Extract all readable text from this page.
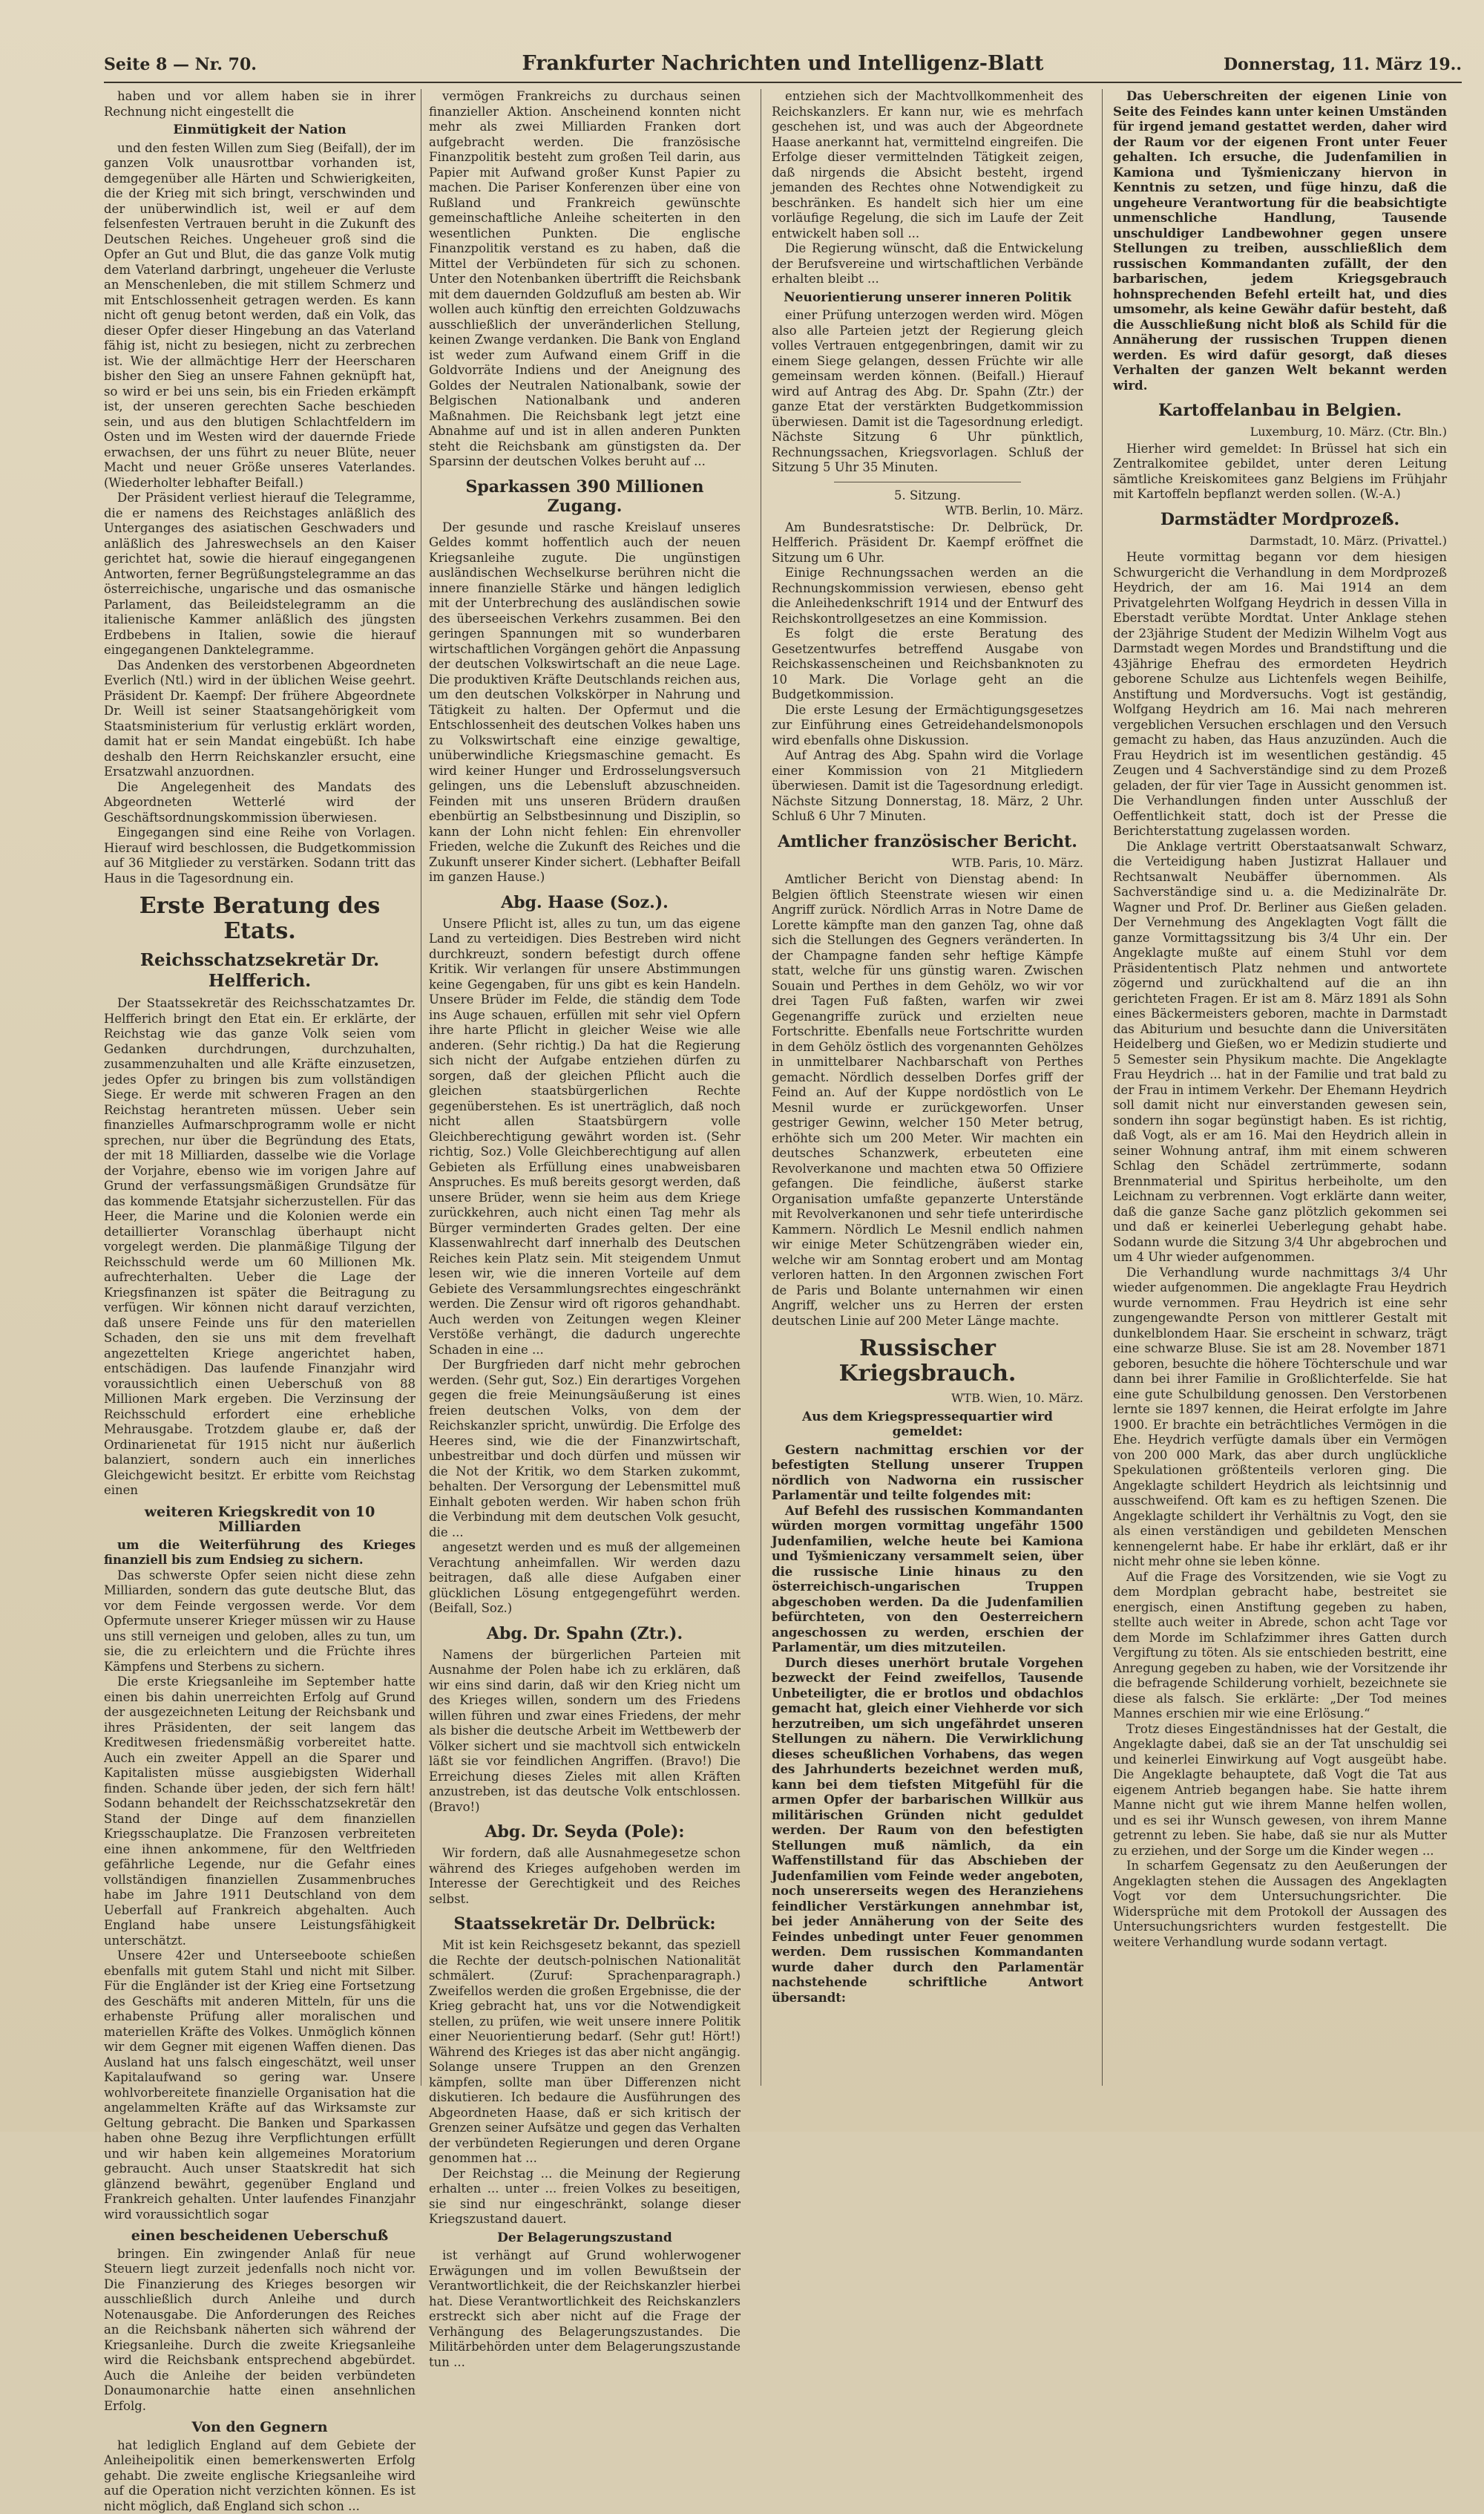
Seite 8 — Nr. 70.	Frankfurter Nachrichten und Intelligenz-Blatt	Donnerstag, 11. März 19..

haben und vor allem haben sie in ihrer Rechnung nicht eingestellt die

Einmütigkeit der Nation

und den festen Willen zum Sieg (Beifall), der im ganzen Volk unausrottbar vorhanden ist, demgegenüber alle Härten und Schwierigkeiten, die der Krieg mit sich bringt, verschwinden und der unüberwindlich ist, weil er auf dem felsenfesten Vertrauen beruht in die Zukunft des Deutschen Reiches. Ungeheuer groß sind die Opfer an Gut und Blut, die das ganze Volk mutig dem Vaterland darbringt, ungeheuer die Verluste an Menschenleben, die mit stillem Schmerz und mit Entschlossenheit getragen werden. Es kann nicht oft genug betont werden, daß ein Volk, das dieser Opfer dieser Hingebung an das Vaterland fähig ist, nicht zu besiegen, nicht zu zerbrechen ist. Wie der allmächtige Herr der Heerscharen bisher den Sieg an unsere Fahnen geknüpft hat, so wird er bei uns sein, bis ein Frieden erkämpft ist, der unseren gerechten Sache beschieden sein, und aus den blutigen Schlachtfeldern im Osten und im Westen wird der dauernde Friede erwachsen, der uns führt zu neuer Blüte, neuer Macht und neuer Größe unseres Vaterlandes. (Wiederholter lebhafter Beifall.)

Der Präsident verliest hierauf die Telegramme, die er namens des Reichstages anläßlich des Unterganges des asiatischen Geschwaders und anläßlich des Jahreswechsels an den Kaiser gerichtet hat, sowie die hierauf eingegangenen Antworten, ferner Begrüßungstelegramme an das österreichische, ungarische und das osmanische Parlament, das Beileidstelegramm an die italienische Kammer anläßlich des jüngsten Erdbebens in Italien, sowie die hierauf eingegangenen Danktelegramme.

Das Andenken des verstorbenen Abgeordneten Everlich (Ntl.) wird in der üblichen Weise geehrt. Präsident Dr. Kaempf: Der frühere Abgeordnete Dr. Weill ist seiner Staatsangehörigkeit vom Staatsministerium für verlustig erklärt worden, damit hat er sein Mandat eingebüßt. Ich habe deshalb den Herrn Reichskanzler ersucht, eine Ersatzwahl anzuordnen.

Die Angelegenheit des Mandats des Abgeordneten Wetterlé wird der Geschäftsordnungskommission überwiesen.

Eingegangen sind eine Reihe von Vorlagen. Hierauf wird beschlossen, die Budgetkommission auf 36 Mitglieder zu verstärken. Sodann tritt das Haus in die Tagesordnung ein.

Erste Beratung des Etats.

Reichsschatzsekretär Dr. Helfferich.

Der Staatssekretär des Reichsschatzamtes Dr. Helfferich bringt den Etat ein. Er erklärte, der Reichstag wie das ganze Volk seien vom Gedanken durchdrungen, durchzuhalten, zusammenzuhalten und alle Kräfte einzusetzen, jedes Opfer zu bringen bis zum vollständigen Siege. Er werde mit schweren Fragen an den Reichstag herantreten müssen. Ueber sein finanzielles Aufmarschprogramm wolle er nicht sprechen, nur über die Begründung des Etats, der mit 18 Milliarden, dasselbe wie die Vorlage der Vorjahre, ebenso wie im vorigen Jahre auf Grund der verfassungsmäßigen Grundsätze für das kommende Etatsjahr sicherzustellen. Für das Heer, die Marine und die Kolonien werde ein detaillierter Voranschlag überhaupt nicht vorgelegt werden. Die planmäßige Tilgung der Reichsschuld werde um 60 Millionen Mk. aufrechterhalten. Ueber die Lage der Kriegsfinanzen ist später die Beitragung zu verfügen. Wir können nicht darauf verzichten, daß unsere Feinde uns für den materiellen Schaden, den sie uns mit dem frevelhaft angezettelten Kriege angerichtet haben, entschädigen. Das laufende Finanzjahr wird voraussichtlich einen Ueberschuß von 88 Millionen Mark ergeben. Die Verzinsung der Reichsschuld erfordert eine erhebliche Mehrausgabe. Trotzdem glaube er, daß der Ordinarienetat für 1915 nicht nur äußerlich balanziert, sondern auch ein innerliches Gleichgewicht besitzt. Er erbitte vom Reichstag einen

weiteren Kriegskredit von 10 Milliarden

um die Weiterführung des Krieges finanziell bis zum Endsieg zu sichern.

Das schwerste Opfer seien nicht diese zehn Milliarden, sondern das gute deutsche Blut, das vor dem Feinde vergossen werde. Vor dem Opfermute unserer Krieger müssen wir zu Hause uns still verneigen und geloben, alles zu tun, um sie, die zu erleichtern und die Früchte ihres Kämpfens und Sterbens zu sichern.

Die erste Kriegsanleihe im September hatte einen bis dahin unerreichten Erfolg auf Grund der ausgezeichneten Leitung der Reichsbank und ihres Präsidenten, der seit langem das Kreditwesen friedensmäßig vorbereitet hatte. Auch ein zweiter Appell an die Sparer und Kapitalisten müsse ausgiebigsten Widerhall finden. Schande über jeden, der sich fern hält! Sodann behandelt der Reichsschatzsekretär den Stand der Dinge auf dem finanziellen Kriegsschauplatze. Die Franzosen verbreiteten eine ihnen ankommene, für den Weltfrieden gefährliche Legende, nur die Gefahr eines vollständigen finanziellen Zusammenbruches habe im Jahre 1911 Deutschland von dem Ueberfall auf Frankreich abgehalten. Auch England habe unsere Leistungsfähigkeit unterschätzt.

Unsere 42er und Unterseeboote schießen ebenfalls mit gutem Stahl und nicht mit Silber. Für die Engländer ist der Krieg eine Fortsetzung des Geschäfts mit anderen Mitteln, für uns die erhabenste Prüfung aller moralischen und materiellen Kräfte des Volkes. Unmöglich können wir dem Gegner mit eigenen Waffen dienen. Das Ausland hat uns falsch eingeschätzt, weil unser Kapitalaufwand so gering war. Unsere wohlvorbereitete finanzielle Organisation hat die angelammelten Kräfte auf das Wirksamste zur Geltung gebracht. Die Banken und Sparkassen haben ohne Bezug ihre Verpflichtungen erfüllt und wir haben kein allgemeines Moratorium gebraucht. Auch unser Staatskredit hat sich glänzend bewährt, gegenüber England und Frankreich gehalten. Unter laufendes Finanzjahr wird voraussichtlich sogar

einen bescheidenen Ueberschuß

bringen. Ein zwingender Anlaß für neue Steuern liegt zurzeit jedenfalls noch nicht vor. Die Finanzierung des Krieges besorgen wir ausschließlich durch Anleihe und durch Notenausgabe. Die Anforderungen des Reiches an die Reichsbank näherten sich während der Kriegsanleihe. Durch die zweite Kriegsanleihe wird die Reichsbank entsprechend abgebürdet. Auch die Anleihe der beiden verbündeten Donaumonarchie hatte einen ansehnlichen Erfolg.

Von den Gegnern

hat lediglich England auf dem Gebiete der Anleiheipolitik einen bemerkenswerten Erfolg gehabt. Die zweite englische Kriegsanleihe wird auf die Operation nicht verzichten können. Es ist nicht möglich, daß England sich schon ...

vermögen Frankreichs zu durchaus seinen finanzieller Aktion. Anscheinend konnten nicht mehr als zwei Milliarden Franken dort aufgebracht werden. Die französische Finanzpolitik besteht zum großen Teil darin, aus Papier mit Aufwand großer Kunst Papier zu machen. Die Pariser Konferenzen über eine von Rußland und Frankreich gewünschte gemeinschaftliche Anleihe scheiterten in den wesentlichen Punkten. Die englische Finanzpolitik verstand es zu haben, daß die Mittel der Verbündeten für sich zu schonen. Unter den Notenbanken übertrifft die Reichsbank mit dem dauernden Goldzufluß am besten ab. Wir wollen auch künftig den erreichten Goldzuwachs ausschließlich der unveränderlichen Stellung, keinen Zwange verdanken. Die Bank von England ist weder zum Aufwand einem Griff in die Goldvorräte Indiens und der Aneignung des Goldes der Neutralen Nationalbank, sowie der Belgischen Nationalbank und anderen Maßnahmen. Die Reichsbank legt jetzt eine Abnahme auf und ist in allen anderen Punkten steht die Reichsbank am günstigsten da. Der Sparsinn der deutschen Volkes beruht auf ...

Sparkassen 390 Millionen Zugang.

Der gesunde und rasche Kreislauf unseres Geldes kommt hoffentlich auch der neuen Kriegsanleihe zugute. Die ungünstigen ausländischen Wechselkurse berühren nicht die innere finanzielle Stärke und hängen lediglich mit der Unterbrechung des ausländischen sowie des überseeischen Verkehrs zusammen. Bei den geringen Spannungen mit so wunderbaren wirtschaftlichen Vorgängen gehört die Anpassung der deutschen Volkswirtschaft an die neue Lage. Die produktiven Kräfte Deutschlands reichen aus, um den deutschen Volkskörper in Nahrung und Tätigkeit zu halten. Der Opfermut und die Entschlossenheit des deutschen Volkes haben uns zu Volkswirtschaft eine einzige gewaltige, unüberwindliche Kriegsmaschine gemacht. Es wird keiner Hunger und Erdrosselungsversuch gelingen, uns die Lebensluft abzuschneiden. Feinden mit uns unseren Brüdern draußen ebenbürtig an Selbstbesinnung und Disziplin, so kann der Lohn nicht fehlen: Ein ehrenvoller Frieden, welche die Zukunft des Reiches und die Zukunft unserer Kinder sichert. (Lebhafter Beifall im ganzen Hause.)

Abg. Haase (Soz.).

Unsere Pflicht ist, alles zu tun, um das eigene Land zu verteidigen. Dies Bestreben wird nicht durchkreuzt, sondern befestigt durch offene Kritik. Wir verlangen für unsere Abstimmungen keine Gegengaben, für uns gibt es kein Handeln. Unsere Brüder im Felde, die ständig dem Tode ins Auge schauen, erfüllen mit sehr viel Opfern ihre harte Pflicht in gleicher Weise wie alle anderen. (Sehr richtig.) Da hat die Regierung sich nicht der Aufgabe entziehen dürfen zu sorgen, daß der gleichen Pflicht auch die gleichen staatsbürgerlichen Rechte gegenüberstehen. Es ist unerträglich, daß noch nicht allen Staatsbürgern volle Gleichberechtigung gewährt worden ist. (Sehr richtig, Soz.) Volle Gleichberechtigung auf allen Gebieten als Erfüllung eines unabweisbaren Anspruches. Es muß bereits gesorgt werden, daß unsere Brüder, wenn sie heim aus dem Kriege zurückkehren, auch nicht einen Tag mehr als Bürger verminderten Grades gelten. Der eine Klassenwahlrecht darf innerhalb des Deutschen Reiches kein Platz sein. Mit steigendem Unmut lesen wir, wie die inneren Vorteile auf dem Gebiete des Versammlungsrechtes eingeschränkt werden. Die Zensur wird oft rigoros gehandhabt. Auch werden von Zeitungen wegen Kleiner Verstöße verhängt, die dadurch ungerechte Schaden in eine ...

Der Burgfrieden darf nicht mehr gebrochen werden. (Sehr gut, Soz.) Ein derartiges Vorgehen gegen die freie Meinungsäußerung ist eines freien deutschen Volks, von dem der Reichskanzler spricht, unwürdig. Die Erfolge des Heeres sind, wie die der Finanzwirtschaft, unbestreitbar und doch dürfen und müssen wir die Not der Kritik, wo dem Starken zukommt, behalten. Der Versorgung der Lebensmittel muß Einhalt geboten werden. Wir haben schon früh die Verbindung mit dem deutschen Volk gesucht, die ...

angesetzt werden und es muß der allgemeinen Verachtung anheimfallen. Wir werden dazu beitragen, daß alle diese Aufgaben einer glücklichen Lösung entgegengeführt werden. (Beifall, Soz.)

Abg. Dr. Spahn (Ztr.).

Namens der bürgerlichen Parteien mit Ausnahme der Polen habe ich zu erklären, daß wir eins sind darin, daß wir den Krieg nicht um des Krieges willen, sondern um des Friedens willen führen und zwar eines Friedens, der mehr als bisher die deutsche Arbeit im Wettbewerb der Völker sichert und sie machtvoll sich entwickeln läßt sie vor feindlichen Angriffen. (Bravo!) Die Erreichung dieses Zieles mit allen Kräften anzustreben, ist das deutsche Volk entschlossen. (Bravo!)

Abg. Dr. Seyda (Pole):

Wir fordern, daß alle Ausnahmegesetze schon während des Krieges aufgehoben werden im Interesse der Gerechtigkeit und des Reiches selbst.

Staatssekretär Dr. Delbrück:

Mit ist kein Reichsgesetz bekannt, das speziell die Rechte der deutsch-polnischen Nationalität schmälert. (Zuruf: Sprachenparagraph.) Zweifellos werden die großen Ergebnisse, die der Krieg gebracht hat, uns vor die Notwendigkeit stellen, zu prüfen, wie weit unsere innere Politik einer Neuorientierung bedarf. (Sehr gut! Hört!) Während des Krieges ist das aber nicht angängig. Solange unsere Truppen an den Grenzen kämpfen, sollte man über Differenzen nicht diskutieren. Ich bedaure die Ausführungen des Abgeordneten Haase, daß er sich kritisch der Grenzen seiner Aufsätze und gegen das Verhalten der verbündeten Regierungen und deren Organe genommen hat ...

Der Reichstag ... die Meinung der Regierung erhalten ... unter ... freien Volkes zu beseitigen, sie sind nur eingeschränkt, solange dieser Kriegszustand dauert.

Der Belagerungszustand

ist verhängt auf Grund wohlerwogener Erwägungen und im vollen Bewußtsein der Verantwortlichkeit, die der Reichskanzler hierbei hat. Diese Verantwortlichkeit des Reichskanzlers erstreckt sich aber nicht auf die Frage der Verhängung des Belagerungszustandes. Die Militärbehörden unter dem Belagerungszustande tun ...

entziehen sich der Machtvollkommenheit des Reichskanzlers. Er kann nur, wie es mehrfach geschehen ist, und was auch der Abgeordnete Haase anerkannt hat, vermittelnd eingreifen. Die Erfolge dieser vermittelnden Tätigkeit zeigen, daß nirgends die Absicht besteht, irgend jemanden des Rechtes ohne Notwendigkeit zu beschränken. Es handelt sich hier um eine vorläufige Regelung, die sich im Laufe der Zeit entwickelt haben soll ...

Die Regierung wünscht, daß die Entwickelung der Berufsvereine und wirtschaftlichen Verbände erhalten bleibt ...

Neuorientierung unserer inneren Politik

einer Prüfung unterzogen werden wird. Mögen also alle Parteien jetzt der Regierung gleich volles Vertrauen entgegenbringen, damit wir zu einem Siege gelangen, dessen Früchte wir alle gemeinsam werden können. (Beifall.) Hierauf wird auf Antrag des Abg. Dr. Spahn (Ztr.) der ganze Etat der verstärkten Budgetkommission überwiesen. Damit ist die Tagesordnung erledigt. Nächste Sitzung 6 Uhr pünktlich, Rechnungssachen, Kriegsvorlagen. Schluß der Sitzung 5 Uhr 35 Minuten.

5. Sitzung.

WTB. Berlin, 10. März.

Am Bundesratstische: Dr. Delbrück, Dr. Helfferich. Präsident Dr. Kaempf eröffnet die Sitzung um 6 Uhr.

Einige Rechnungssachen werden an die Rechnungskommission verwiesen, ebenso geht die Anleihedenkschrift 1914 und der Entwurf des Reichskontrollgesetzes an eine Kommission.

Es folgt die erste Beratung des Gesetzentwurfes betreffend Ausgabe von Reichskassenscheinen und Reichsbanknoten zu 10 Mark. Die Vorlage geht an die Budgetkommission.

Die erste Lesung der Ermächtigungsgesetzes zur Einführung eines Getreidehandelsmonopols wird ebenfalls ohne Diskussion.

Auf Antrag des Abg. Spahn wird die Vorlage einer Kommission von 21 Mitgliedern überwiesen. Damit ist die Tagesordnung erledigt. Nächste Sitzung Donnerstag, 18. März, 2 Uhr. Schluß 6 Uhr 7 Minuten.

Amtlicher französischer Bericht.

WTB. Paris, 10. März.

Amtlicher Bericht von Dienstag abend: In Belgien öftlich Steenstrate wiesen wir einen Angriff zurück. Nördlich Arras in Notre Dame de Lorette kämpfte man den ganzen Tag, ohne daß sich die Stellungen des Gegners veränderten. In der Champagne fanden sehr heftige Kämpfe statt, welche für uns günstig waren. Zwischen Souain und Perthes in dem Gehölz, wo wir vor drei Tagen Fuß faßten, warfen wir zwei Gegenangriffe zurück und erzielten neue Fortschritte. Ebenfalls neue Fortschritte wurden in dem Gehölz östlich des vorgenannten Gehölzes in unmittelbarer Nachbarschaft von Perthes gemacht. Nördlich desselben Dorfes griff der Feind an. Auf der Kuppe nordöstlich von Le Mesnil wurde er zurückgeworfen. Unser gestriger Gewinn, welcher 150 Meter betrug, erhöhte sich um 200 Meter. Wir machten ein deutsches Schanzwerk, erbeuteten eine Revolverkanone und machten etwa 50 Offiziere gefangen. Die feindliche, äußerst starke Organisation umfaßte gepanzerte Unterstände mit Revolverkanonen und sehr tiefe unterirdische Kammern. Nördlich Le Mesnil endlich nahmen wir einige Meter Schützengräben wieder ein, welche wir am Sonntag erobert und am Montag verloren hatten. In den Argonnen zwischen Fort de Paris und Bolante unternahmen wir einen Angriff, welcher uns zu Herren der ersten deutschen Linie auf 200 Meter Länge machte.

Russischer Kriegsbrauch.

WTB. Wien, 10. März.

Aus dem Kriegspressequartier wird gemeldet:

Gestern nachmittag erschien vor der befestigten Stellung unserer Truppen nördlich von Nadworna ein russischer Parlamentär und teilte folgendes mit:

Auf Befehl des russischen Kommandanten würden morgen vormittag ungefähr 1500 Judenfamilien, welche heute bei Kamiona und Tyšmieniczany versammelt seien, über die russische Linie hinaus zu den österreichisch-ungarischen Truppen abgeschoben werden. Da die Judenfamilien befürchteten, von den Oesterreichern angeschossen zu werden, erschien der Parlamentär, um dies mitzuteilen.

Durch dieses unerhört brutale Vorgehen bezweckt der Feind zweifellos, Tausende Unbeteiligter, die er brotlos und obdachlos gemacht hat, gleich einer Viehherde vor sich herzutreiben, um sich ungefährdet unseren Stellungen zu nähern. Die Verwirklichung dieses scheußlichen Vorhabens, das wegen des Jahrhunderts bezeichnet werden muß, kann bei dem tiefsten Mitgefühl für die armen Opfer der barbarischen Willkür aus militärischen Gründen nicht geduldet werden. Der Raum von den befestigten Stellungen muß nämlich, da ein Waffenstillstand für das Abschieben der Judenfamilien vom Feinde weder angeboten, noch unsererseits wegen des Heranziehens feindlicher Verstärkungen annehmbar ist, bei jeder Annäherung von der Seite des Feindes unbedingt unter Feuer genommen werden. Dem russischen Kommandanten wurde daher durch den Parlamentär nachstehende schriftliche Antwort übersandt:

Das Ueberschreiten der eigenen Linie von Seite des Feindes kann unter keinen Umständen für irgend jemand gestattet werden, daher wird der Raum vor der eigenen Front unter Feuer gehalten. Ich ersuche, die Judenfamilien in Kamiona und Tyšmieniczany hiervon in Kenntnis zu setzen, und füge hinzu, daß die ungeheure Verantwortung für die beabsichtigte unmenschliche Handlung, Tausende unschuldiger Landbewohner gegen unsere Stellungen zu treiben, ausschließlich dem russischen Kommandanten zufällt, der den barbarischen, jedem Kriegsgebrauch hohnsprechenden Befehl erteilt hat, und dies umsomehr, als keine Gewähr dafür besteht, daß die Ausschließung nicht bloß als Schild für die Annäherung der russischen Truppen dienen werden. Es wird dafür gesorgt, daß dieses Verhalten der ganzen Welt bekannt werden wird.

Kartoffelanbau in Belgien.

Luxemburg, 10. März. (Ctr. Bln.)

Hierher wird gemeldet: In Brüssel hat sich ein Zentralkomitee gebildet, unter deren Leitung sämtliche Kreiskomitees ganz Belgiens im Frühjahr mit Kartoffeln bepflanzt werden sollen. (W.-A.)

Darmstädter Mordprozeß.

Darmstadt, 10. März. (Privattel.)

Heute vormittag begann vor dem hiesigen Schwurgericht die Verhandlung in dem Mordprozeß Heydrich, der am 16. Mai 1914 an dem Privatgelehrten Wolfgang Heydrich in dessen Villa in Eberstadt verübte Mordtat. Unter Anklage stehen der 23jährige Student der Medizin Wilhelm Vogt aus Darmstadt wegen Mordes und Brandstiftung und die 43jährige Ehefrau des ermordeten Heydrich geborene Schulze aus Lichtenfels wegen Beihilfe, Anstiftung und Mordversuchs. Vogt ist geständig, Wolfgang Heydrich am 16. Mai nach mehreren vergeblichen Versuchen erschlagen und den Versuch gemacht zu haben, das Haus anzuzünden. Auch die Frau Heydrich ist im wesentlichen geständig. 45 Zeugen und 4 Sachverständige sind zu dem Prozeß geladen, der für vier Tage in Aussicht genommen ist. Die Verhandlungen finden unter Ausschluß der Oeffentlichkeit statt, doch ist der Presse die Berichterstattung zugelassen worden.

Die Anklage vertritt Oberstaatsanwalt Schwarz, die Verteidigung haben Justizrat Hallauer und Rechtsanwalt Neubäffer übernommen. Als Sachverständige sind u. a. die Medizinalräte Dr. Wagner und Prof. Dr. Berliner aus Gießen geladen. Der Vernehmung des Angeklagten Vogt fällt die ganze Vormittagssitzung bis 3/4 Uhr ein. Der Angeklagte mußte auf einem Stuhl vor dem Präsidententisch Platz nehmen und antwortete zögernd und zurückhaltend auf die an ihn gerichteten Fragen. Er ist am 8. März 1891 als Sohn eines Bäckermeisters geboren, machte in Darmstadt das Abiturium und besuchte dann die Universitäten Heidelberg und Gießen, wo er Medizin studierte und 5 Semester sein Physikum machte. Die Angeklagte Frau Heydrich ... hat in der Familie und trat bald zu der Frau in intimem Verkehr. Der Ehemann Heydrich soll damit nicht nur einverstanden gewesen sein, sondern ihn sogar begünstigt haben. Es ist richtig, daß Vogt, als er am 16. Mai den Heydrich allein in seiner Wohnung antraf, ihm mit einem schweren Schlag den Schädel zertrümmerte, sodann Brennmaterial und Spiritus herbeiholte, um den Leichnam zu verbrennen. Vogt erklärte dann weiter, daß die ganze Sache ganz plötzlich gekommen sei und daß er keinerlei Ueberlegung gehabt habe. Sodann wurde die Sitzung 3/4 Uhr abgebrochen und um 4 Uhr wieder aufgenommen.

Die Verhandlung wurde nachmittags 3/4 Uhr wieder aufgenommen. Die angeklagte Frau Heydrich wurde vernommen. Frau Heydrich ist eine sehr zungengewandte Person von mittlerer Gestalt mit dunkelblondem Haar. Sie erscheint in schwarz, trägt eine schwarze Bluse. Sie ist am 28. November 1871 geboren, besuchte die höhere Töchterschule und war dann bei ihrer Familie in Großlichterfelde. Sie hat eine gute Schulbildung genossen. Den Verstorbenen lernte sie 1897 kennen, die Heirat erfolgte im Jahre 1900. Er brachte ein beträchtliches Vermögen in die Ehe. Heydrich verfügte damals über ein Vermögen von 200 000 Mark, das aber durch unglückliche Spekulationen größtenteils verloren ging. Die Angeklagte schildert Heydrich als leichtsinnig und ausschweifend. Oft kam es zu heftigen Szenen. Die Angeklagte schildert ihr Verhältnis zu Vogt, den sie als einen verständigen und gebildeten Menschen kennengelernt habe. Er habe ihr erklärt, daß er ihr nicht mehr ohne sie leben könne.

Auf die Frage des Vorsitzenden, wie sie Vogt zu dem Mordplan gebracht habe, bestreitet sie energisch, einen Anstiftung gegeben zu haben, stellte auch weiter in Abrede, schon acht Tage vor dem Morde im Schlafzimmer ihres Gatten durch Vergiftung zu töten. Als sie entschieden bestritt, eine Anregung gegeben zu haben, wie der Vorsitzende ihr die befragende Schilderung vorhielt, bezeichnete sie diese als falsch. Sie erklärte: „Der Tod meines Mannes erschien mir wie eine Erlösung.“

Trotz dieses Eingeständnisses hat der Gestalt, die Angeklagte dabei, daß sie an der Tat unschuldig sei und keinerlei Einwirkung auf Vogt ausgeübt habe. Die Angeklagte behauptete, daß Vogt die Tat aus eigenem Antrieb begangen habe. Sie hatte ihrem Manne nicht gut wie ihrem Manne helfen wollen, und es sei ihr Wunsch gewesen, von ihrem Manne getrennt zu leben. Sie habe, daß sie nur als Mutter zu erziehen, und der Sorge um die Kinder wegen ...

In scharfem Gegensatz zu den Aeußerungen der Angeklagten stehen die Aussagen des Angeklagten Vogt vor dem Untersuchungsrichter. Die Widersprüche mit dem Protokoll der Aussagen des Untersuchungsrichters wurden festgestellt. Die weitere Verhandlung wurde sodann vertagt.
